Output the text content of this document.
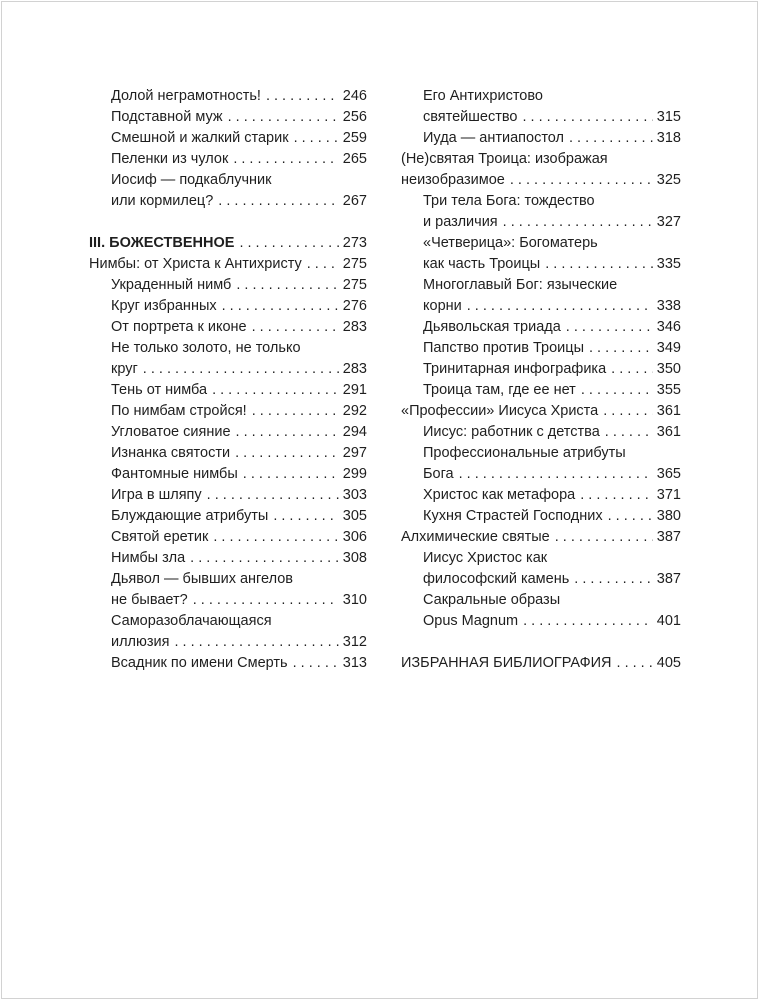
Долой неграмотность! . . .	246
Подставной муж . . .	256
Смешной и жалкий старик . . .	259
Пеленки из чулок . . .	265
Иосиф — подкаблучник
или кормилец? . . .	267
III. БОЖЕСТВЕННОЕ . . .	273
Нимбы: от Христа к Антихристу . . .	275
Украденный нимб . . .	275
Круг избранных . . .	276
От портрета к иконе . . .	283
Не только золото, не только
круг . . .	283
Тень от нимба . . .	291
По нимбам стройся! . . .	292
Угловатое сияние . . .	294
Изнанка святости . . .	297
Фантомные нимбы . . .	299
Игра в шляпу . . .	303
Блуждающие атрибуты . . .	305
Святой еретик . . .	306
Нимбы зла . . .	308
Дьявол — бывших ангелов
не бывает? . . .	310
Саморазоблачающаяся
иллюзия . . .	312
Всадник по имени Смерть . . .	313
Его Антихристово
святейшество . . .	315
Иуда — антиапостол . . .	318
(Не)святая Троица: изображая
неизобразимое . . .	325
Три тела Бога: тождество
и различия . . .	327
«Четверица»: Богоматерь
как часть Троицы . . .	335
Многоглавый Бог: языческие
корни . . .	338
Дьявольская триада . . .	346
Папство против Троицы . . .	349
Тринитарная инфографика . . .	350
Троица там, где ее нет . . .	355
«Профессии» Иисуса Христа . . .	361
Иисус: работник с детства . . .	361
Профессиональные атрибуты
Бога . . .	365
Христос как метафора . . .	371
Кухня Страстей Господних . . .	380
Алхимические святые . . .	387
Иисус Христос как
философский камень . . .	387
Сакральные образы
Opus Magnum . . .	401
ИЗБРАННАЯ БИБЛИОГРАФИЯ . . .	405
